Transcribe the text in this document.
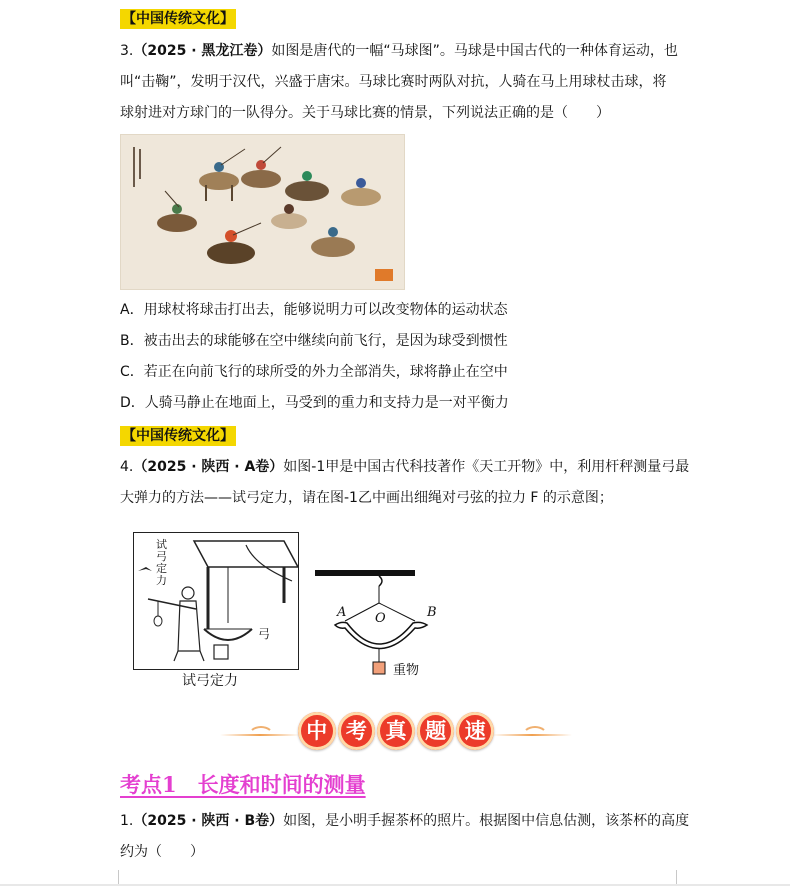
【中国传统文化】
3.（2025 · 黑龙江卷）如图是唐代的一幅“马球图”。马球是中国古代的一种体育运动，也
叫“击鞠”，发明于汉代，兴盛于唐宋。马球比赛时两队对抗，人骑在马上用球杖击球，将
球射进对方球门的一队得分。关于马球比赛的情景，下列说法正确的是（　　）
A．用球杖将球击打出去，能够说明力可以改变物体的运动状态
B．被击出去的球能够在空中继续向前飞行，是因为球受到惯性
C．若正在向前飞行的球所受的外力全部消失，球将静止在空中
D．人骑马静止在地面上，马受到的重力和支持力是一对平衡力
【中国传统文化】
4.（2025 · 陕西 · A卷）如图-1甲是中国古代科技著作《天工开物》中，利用杆秤测量弓最
大弹力的方法——试弓定力，请在图-1乙中画出细绳对弓弦的拉力 F 的示意图；
试弓定力
弓
试弓定力
A	B
O
重物
中 考 真 题 速
考点1　长度和时间的测量
1.（2025 · 陕西 · B卷）如图，是小明手握茶杯的照片。根据图中信息估测，该茶杯的高度
约为（　　）
